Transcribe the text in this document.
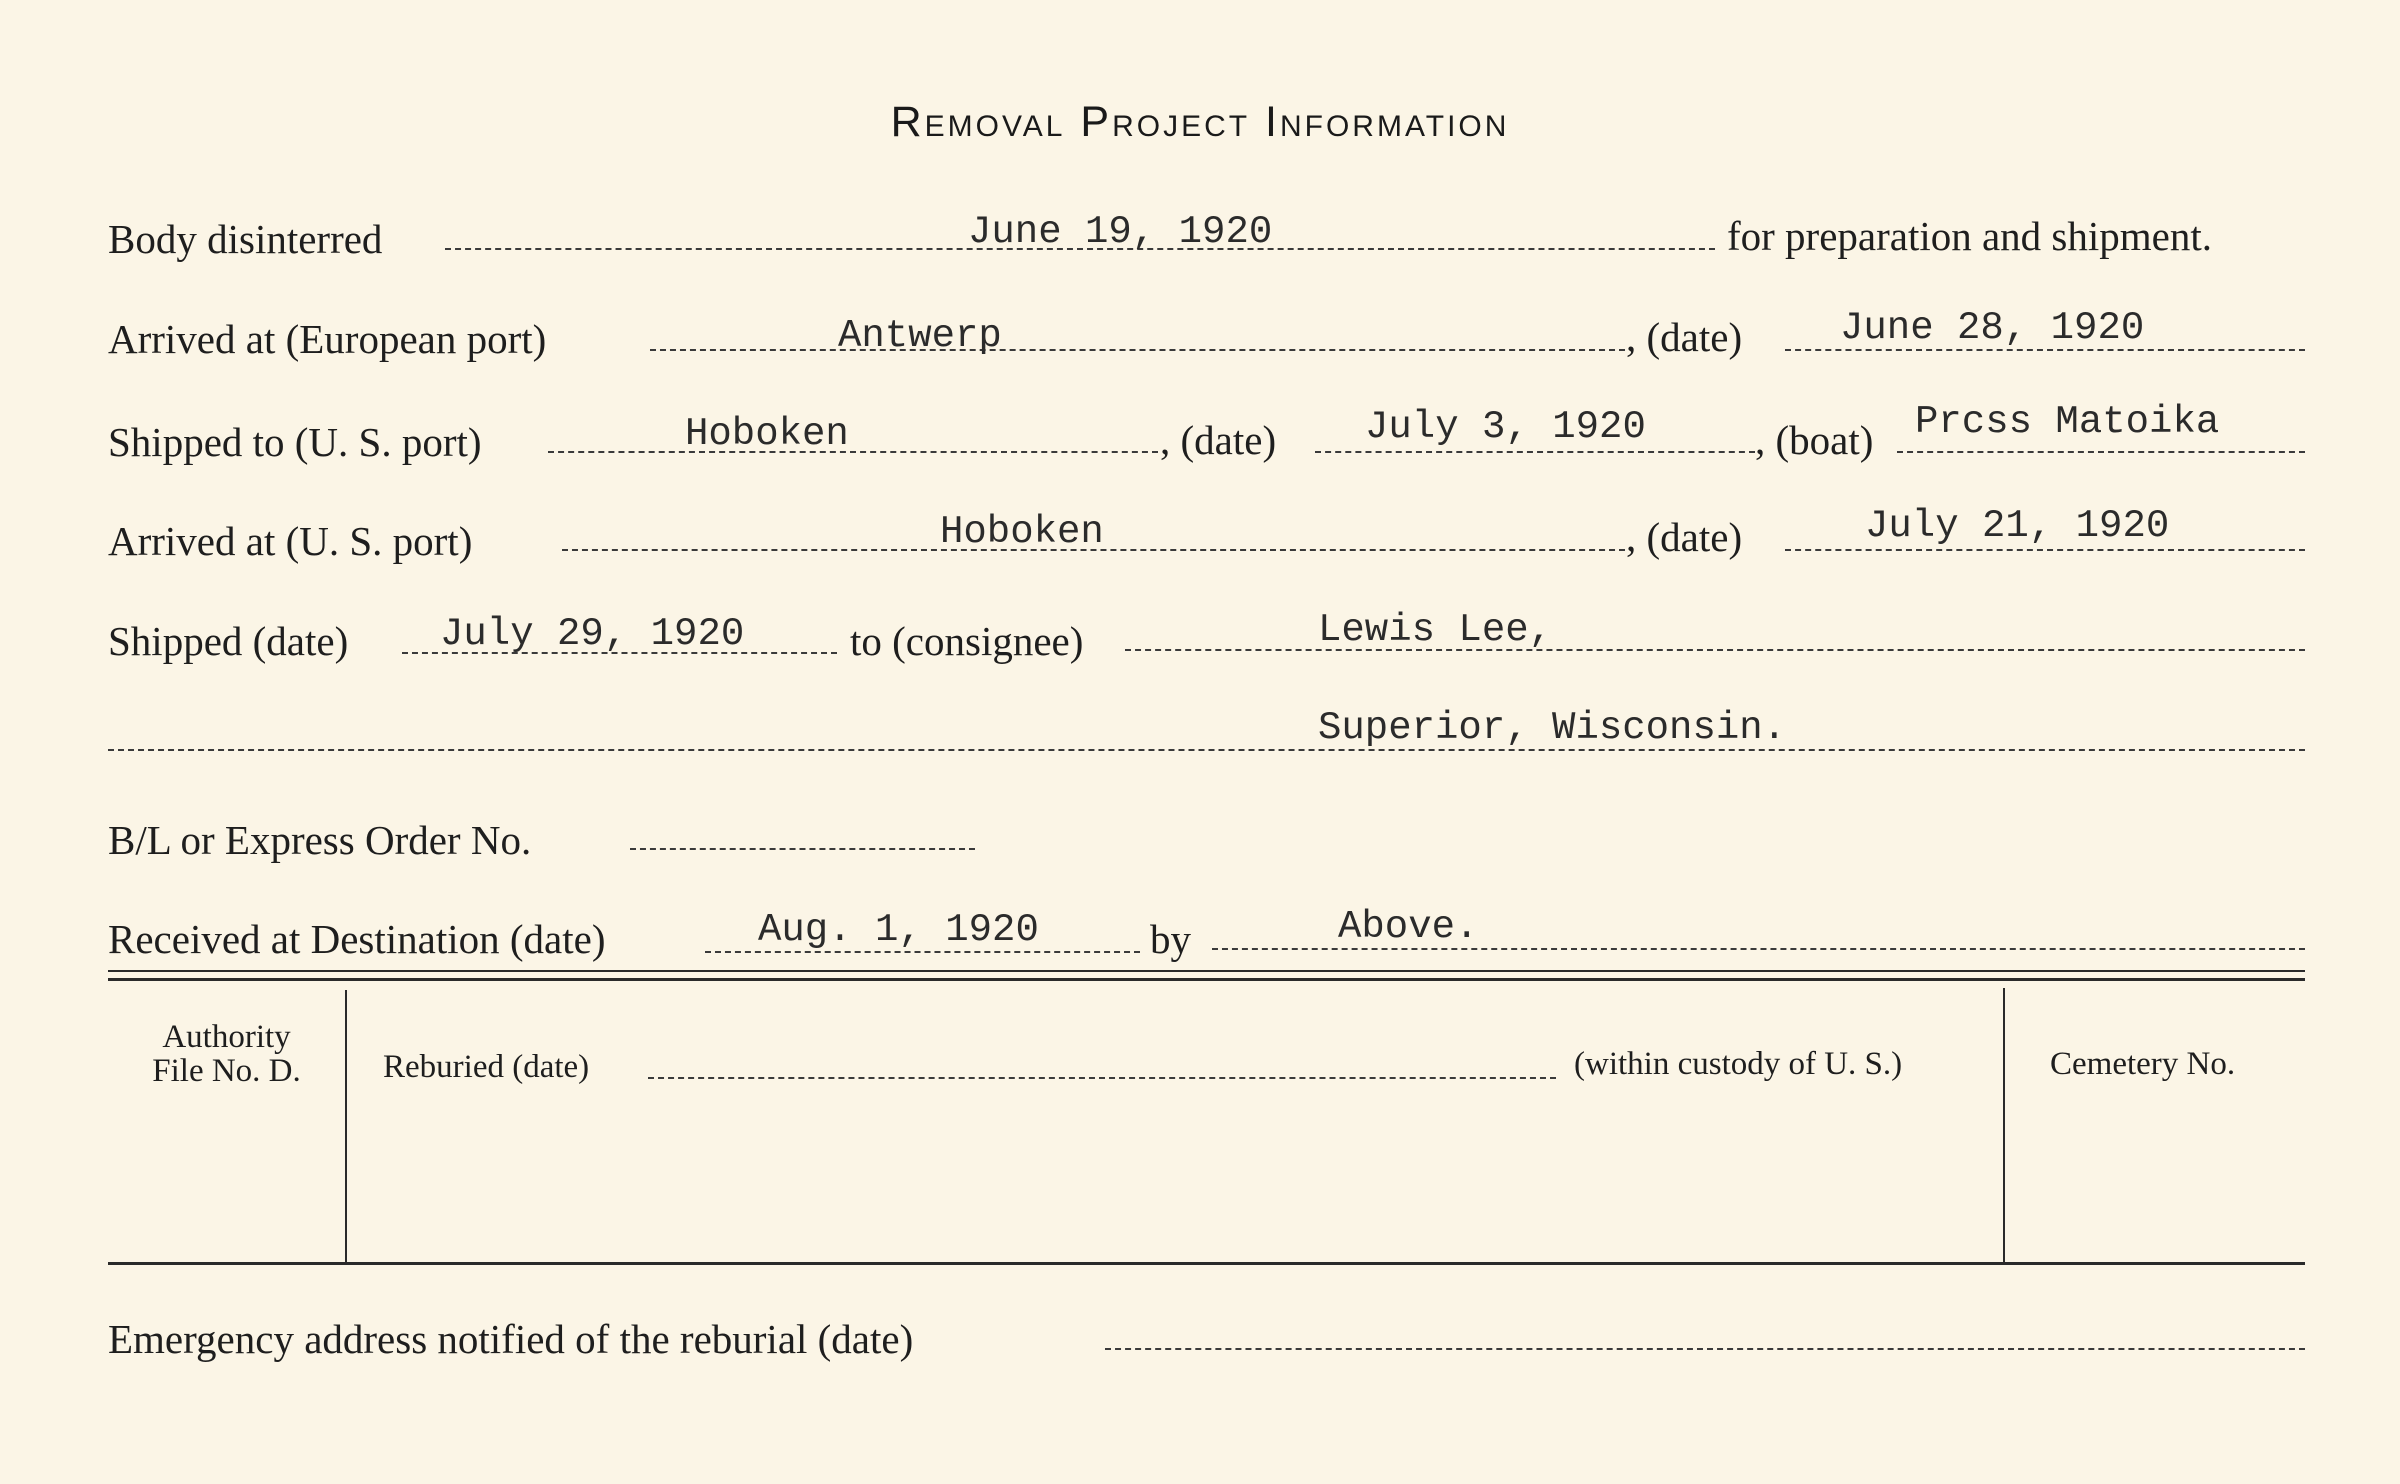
Removal Project Information
Body disinterred	June 19, 1920	for preparation and shipment.
Arrived at (European port)	Antwerp	, (date)	June 28, 1920
Shipped to (U. S. port)	Hoboken	, (date) July 3, 1920	, (boat) Prcss Matoika
Arrived at (U. S. port)	Hoboken	, (date)	July 21, 1920
Shipped (date) July 29, 1920	to (consignee)	Lewis Lee,
Superior, Wisconsin.
B/L or Express Order No.
Received at Destination (date)	Aug. 1, 1920	by	Above.
Authority
File No. D.	Reburied (date)	(within custody of U. S.)	Cemetery No.
Emergency address notified of the reburial (date)
